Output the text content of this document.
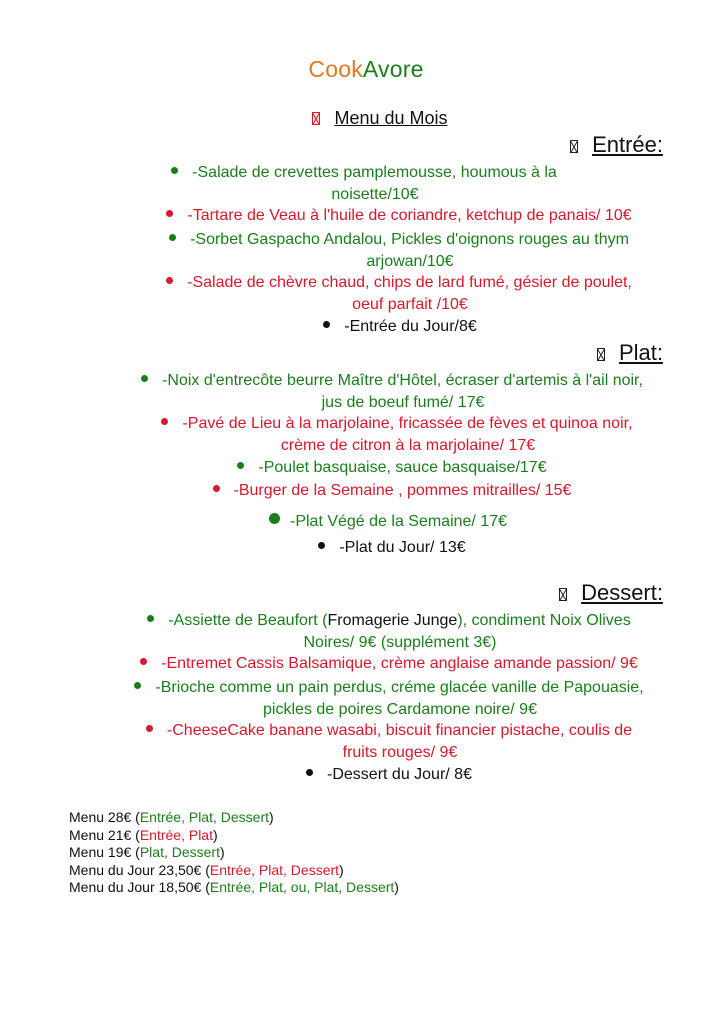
CookAvore
Menu du Mois
Entrée:
-Salade de crevettes pamplemousse, houmous à la
noisette/10€
-Tartare de Veau à l'huile de coriandre, ketchup de panais/ 10€
-Sorbet Gaspacho Andalou, Pickles d'oignons rouges au thym
arjowan/10€
-Salade de chèvre chaud, chips de lard fumé, gésier de poulet,
oeuf parfait /10€
-Entrée du Jour/8€
Plat:
-Noix d'entrecôte beurre Maître d'Hôtel, écraser d'artemis à l'ail noir,
jus de boeuf fumé/ 17€
-Pavé de Lieu à la marjolaine, fricassée de fèves et quinoa noir,
crème de citron à la marjolaine/ 17€
-Poulet basquaise, sauce basquaise/17€
-Burger de la Semaine , pommes mitrailles/ 15€
-Plat Végé de la Semaine/ 17€
-Plat du Jour/ 13€
Dessert:
-Assiette de Beaufort (Fromagerie Junge), condiment Noix Olives
Noires/ 9€ (supplément 3€)
-Entremet Cassis Balsamique, crème anglaise amande passion/ 9€
-Brioche comme un pain perdus, créme glacée vanille de Papouasie,
pickles de poires Cardamone noire/ 9€
-CheeseCake banane wasabi, biscuit financier pistache, coulis de
fruits rouges/ 9€
-Dessert du Jour/ 8€
Menu 28€ (Entrée, Plat, Dessert)
Menu 21€ (Entrée, Plat)
Menu 19€ (Plat, Dessert)
Menu du Jour 23,50€ (Entrée, Plat, Dessert)
Menu du Jour 18,50€ (Entrée, Plat, ou, Plat, Dessert)
